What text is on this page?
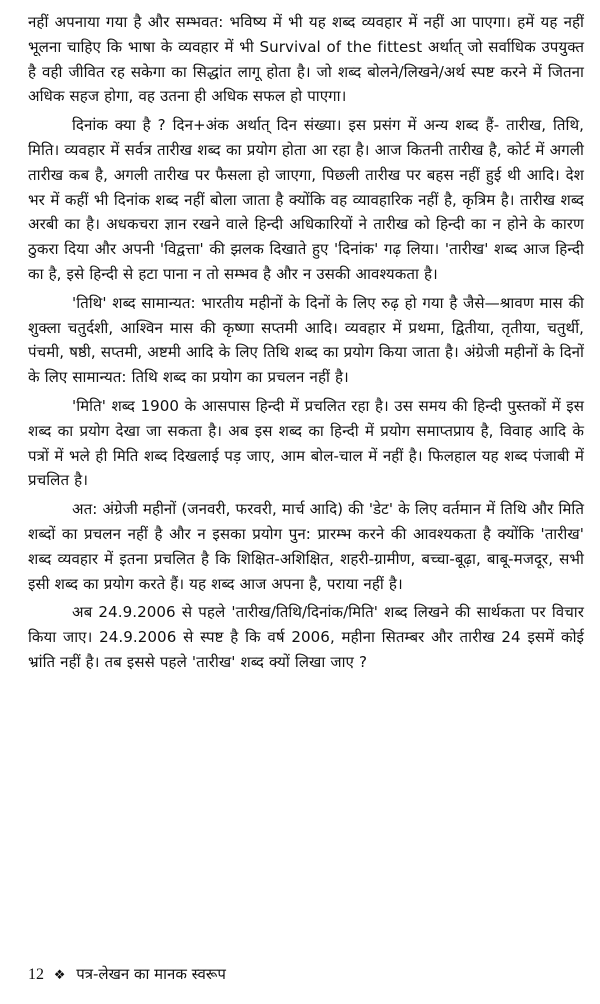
नहीं अपनाया गया है और सम्भवत: भविष्य में भी यह शब्द व्यवहार में नहीं आ पाएगा। हमें यह नहीं भूलना चाहिए कि भाषा के व्यवहार में भी Survival of the fittest अर्थात् जो सर्वाधिक उपयुक्त है वही जीवित रह सकेगा का सिद्धांत लागू होता है। जो शब्द बोलने/लिखने/अर्थ स्पष्ट करने में जितना अधिक सहज होगा, वह उतना ही अधिक सफल हो पाएगा।

दिनांक क्या है ? दिन+अंक अर्थात् दिन संख्या। इस प्रसंग में अन्य शब्द हैं- तारीख, तिथि, मिति। व्यवहार में सर्वत्र तारीख शब्द का प्रयोग होता आ रहा है। आज कितनी तारीख है, कोर्ट में अगली तारीख कब है, अगली तारीख पर फैसला हो जाएगा, पिछली तारीख पर बहस नहीं हुई थी आदि। देश भर में कहीं भी दिनांक शब्द नहीं बोला जाता है क्योंकि वह व्यावहारिक नहीं है, कृत्रिम है। तारीख शब्द अरबी का है। अधकचरा ज्ञान रखने वाले हिन्दी अधिकारियों ने तारीख को हिन्दी का न होने के कारण ठुकरा दिया और अपनी 'विद्वत्ता' की झलक दिखाते हुए 'दिनांक' गढ़ लिया। 'तारीख' शब्द आज हिन्दी का है, इसे हिन्दी से हटा पाना न तो सम्भव है और न उसकी आवश्यकता है।

'तिथि' शब्द सामान्यत: भारतीय महीनों के दिनों के लिए रुढ़ हो गया है जैसे—श्रावण मास की शुक्ला चतुर्दशी, आश्विन मास की कृष्णा सप्तमी आदि। व्यवहार में प्रथमा, द्वितीया, तृतीया, चतुर्थी, पंचमी, षष्ठी, सप्तमी, अष्टमी आदि के लिए तिथि शब्द का प्रयोग किया जाता है। अंग्रेजी महीनों के दिनों के लिए सामान्यत: तिथि शब्द का प्रयोग का प्रचलन नहीं है।

'मिति' शब्द 1900 के आसपास हिन्दी में प्रचलित रहा है। उस समय की हिन्दी पुस्तकों में इस शब्द का प्रयोग देखा जा सकता है। अब इस शब्द का हिन्दी में प्रयोग समाप्तप्राय है, विवाह आदि के पत्रों में भले ही मिति शब्द दिखलाई पड़ जाए, आम बोल-चाल में नहीं है। फिलहाल यह शब्द पंजाबी में प्रचलित है।

अत: अंग्रेजी महीनों (जनवरी, फरवरी, मार्च आदि) की 'डेट' के लिए वर्तमान में तिथि और मिति शब्दों का प्रचलन नहीं है और न इसका प्रयोग पुन: प्रारम्भ करने की आवश्यकता है क्योंकि 'तारीख' शब्द व्यवहार में इतना प्रचलित है कि शिक्षित-अशिक्षित, शहरी-ग्रामीण, बच्चा-बूढ़ा, बाबू-मजदूर, सभी इसी शब्द का प्रयोग करते हैं। यह शब्द आज अपना है, पराया नहीं है।

अब 24.9.2006 से पहले 'तारीख/तिथि/दिनांक/मिति' शब्द लिखने की सार्थकता पर विचार किया जाए। 24.9.2006 से स्पष्ट है कि वर्ष 2006, महीना सितम्बर और तारीख 24 इसमें कोई भ्रांति नहीं है। तब इससे पहले 'तारीख' शब्द क्यों लिखा जाए ?

12 ❖ पत्र-लेखन का मानक स्वरूप
